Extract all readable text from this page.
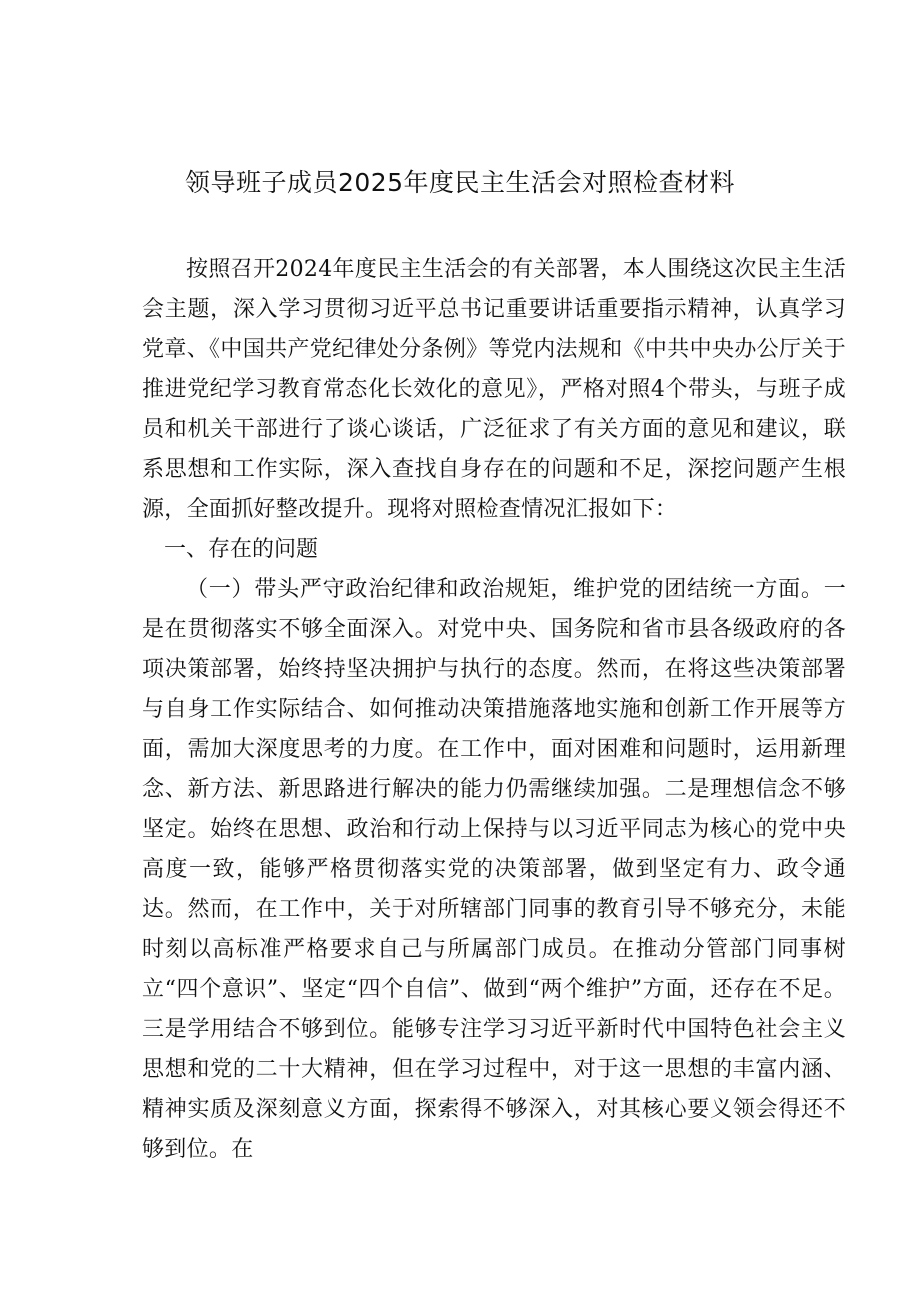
领导班子成员2025年度民主生活会对照检查材料

按照召开2024年度民主生活会的有关部署，本人围绕这次民主生活会主题，深入学习贯彻习近平总书记重要讲话重要指示精神，认真学习党章、《中国共产党纪律处分条例》等党内法规和《中共中央办公厅关于推进党纪学习教育常态化长效化的意见》，严格对照4个带头，与班子成员和机关干部进行了谈心谈话，广泛征求了有关方面的意见和建议，联系思想和工作实际，深入查找自身存在的问题和不足，深挖问题产生根源，全面抓好整改提升。现将对照检查情况汇报如下：

一、存在的问题

（一）带头严守政治纪律和政治规矩，维护党的团结统一方面。一是在贯彻落实不够全面深入。对党中央、国务院和省市县各级政府的各项决策部署，始终持坚决拥护与执行的态度。然而，在将这些决策部署与自身工作实际结合、如何推动决策措施落地实施和创新工作开展等方面，需加大深度思考的力度。在工作中，面对困难和问题时，运用新理念、新方法、新思路进行解决的能力仍需继续加强。二是理想信念不够坚定。始终在思想、政治和行动上保持与以习近平同志为核心的党中央高度一致，能够严格贯彻落实党的决策部署，做到坚定有力、政令通达。然而，在工作中，关于对所辖部门同事的教育引导不够充分，未能时刻以高标准严格要求自己与所属部门成员。在推动分管部门同事树立“四个意识”、坚定“四个自信”、做到“两个维护”方面，还存在不足。三是学用结合不够到位。能够专注学习习近平新时代中国特色社会主义思想和党的二十大精神，但在学习过程中，对于这一思想的丰富内涵、精神实质及深刻意义方面，探索得不够深入，对其核心要义领会得还不够到位。在
